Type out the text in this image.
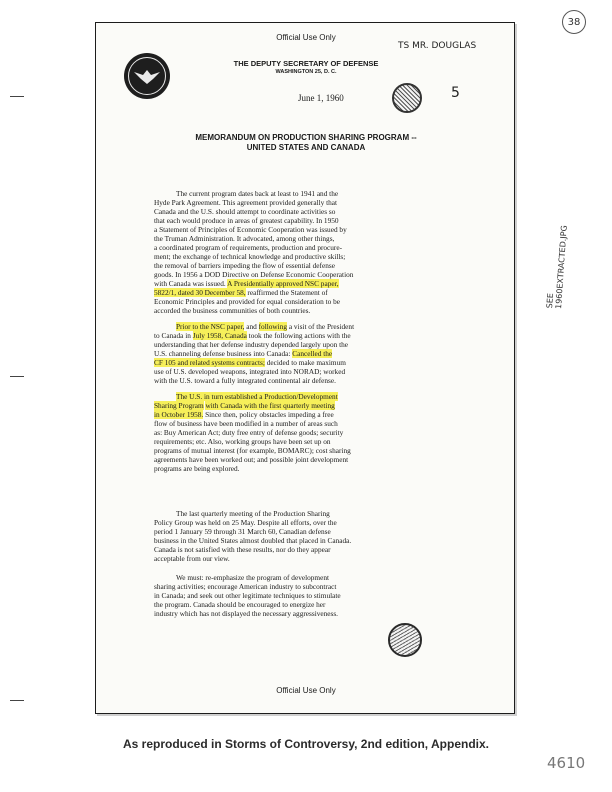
Official Use Only
THE DEPUTY SECRETARY OF DEFENSE
WASHINGTON 25, D. C.
TS MR. DOUGLAS
June 1, 1960	5
MEMORANDUM ON PRODUCTION SHARING PROGRAM --
UNITED STATES AND CANADA
The current program dates back at least to 1941 and the
Hyde Park Agreement. This agreement provided generally that
Canada and the U.S. should attempt to coordinate activities so
that each would produce in areas of greatest capability. In 1950
a Statement of Principles of Economic Cooperation was issued by
the Truman Administration. It advocated, among other things,
a coordinated program of requirements, production and procure-
ment; the exchange of technical knowledge and productive skills;
the removal of barriers impeding the flow of essential defense
goods. In 1956 a DOD Directive on Defense Economic Cooperation
with Canada was issued. A Presidentially approved NSC paper,
5822/1, dated 30 December 58, reaffirmed the Statement of
Economic Principles and provided for equal consideration to be
accorded the business communities of both countries.
Prior to the NSC paper, and following a visit of the President
to Canada in July 1958, Canada took the following actions with the
understanding that her defense industry depended largely upon the
U.S. channeling defense business into Canada: Cancelled the
CF 105 and related systems contracts; decided to make maximum
use of U.S. developed weapons, integrated into NORAD; worked
with the U.S. toward a fully integrated continental air defense.
The U.S. in turn established a Production/Development
Sharing Program with Canada with the first quarterly meeting
in October 1958. Since then, policy obstacles impeding a free
flow of business have been modified in a number of areas such
as: Buy American Act; duty free entry of defense goods; security
requirements; etc. Also, working groups have been set up on
programs of mutual interest (for example, BOMARC); cost sharing
agreements have been worked out; and possible joint development
programs are being explored.
The last quarterly meeting of the Production Sharing
Policy Group was held on 25 May. Despite all efforts, over the
period 1 January 59 through 31 March 60, Canadian defense
business in the United States almost doubled that placed in Canada.
Canada is not satisfied with these results, nor do they appear
acceptable from our view.
We must: re-emphasize the program of development
sharing activities; encourage American industry to subcontract
in Canada; and seek out other legitimate techniques to stimulate
the program. Canada should be encouraged to energize her
industry which has not displayed the necessary aggressiveness.
Official Use Only
38
SEE
1960EXTRACTED.JPG
As reproduced in Storms of Controversy, 2nd edition, Appendix.
4610
